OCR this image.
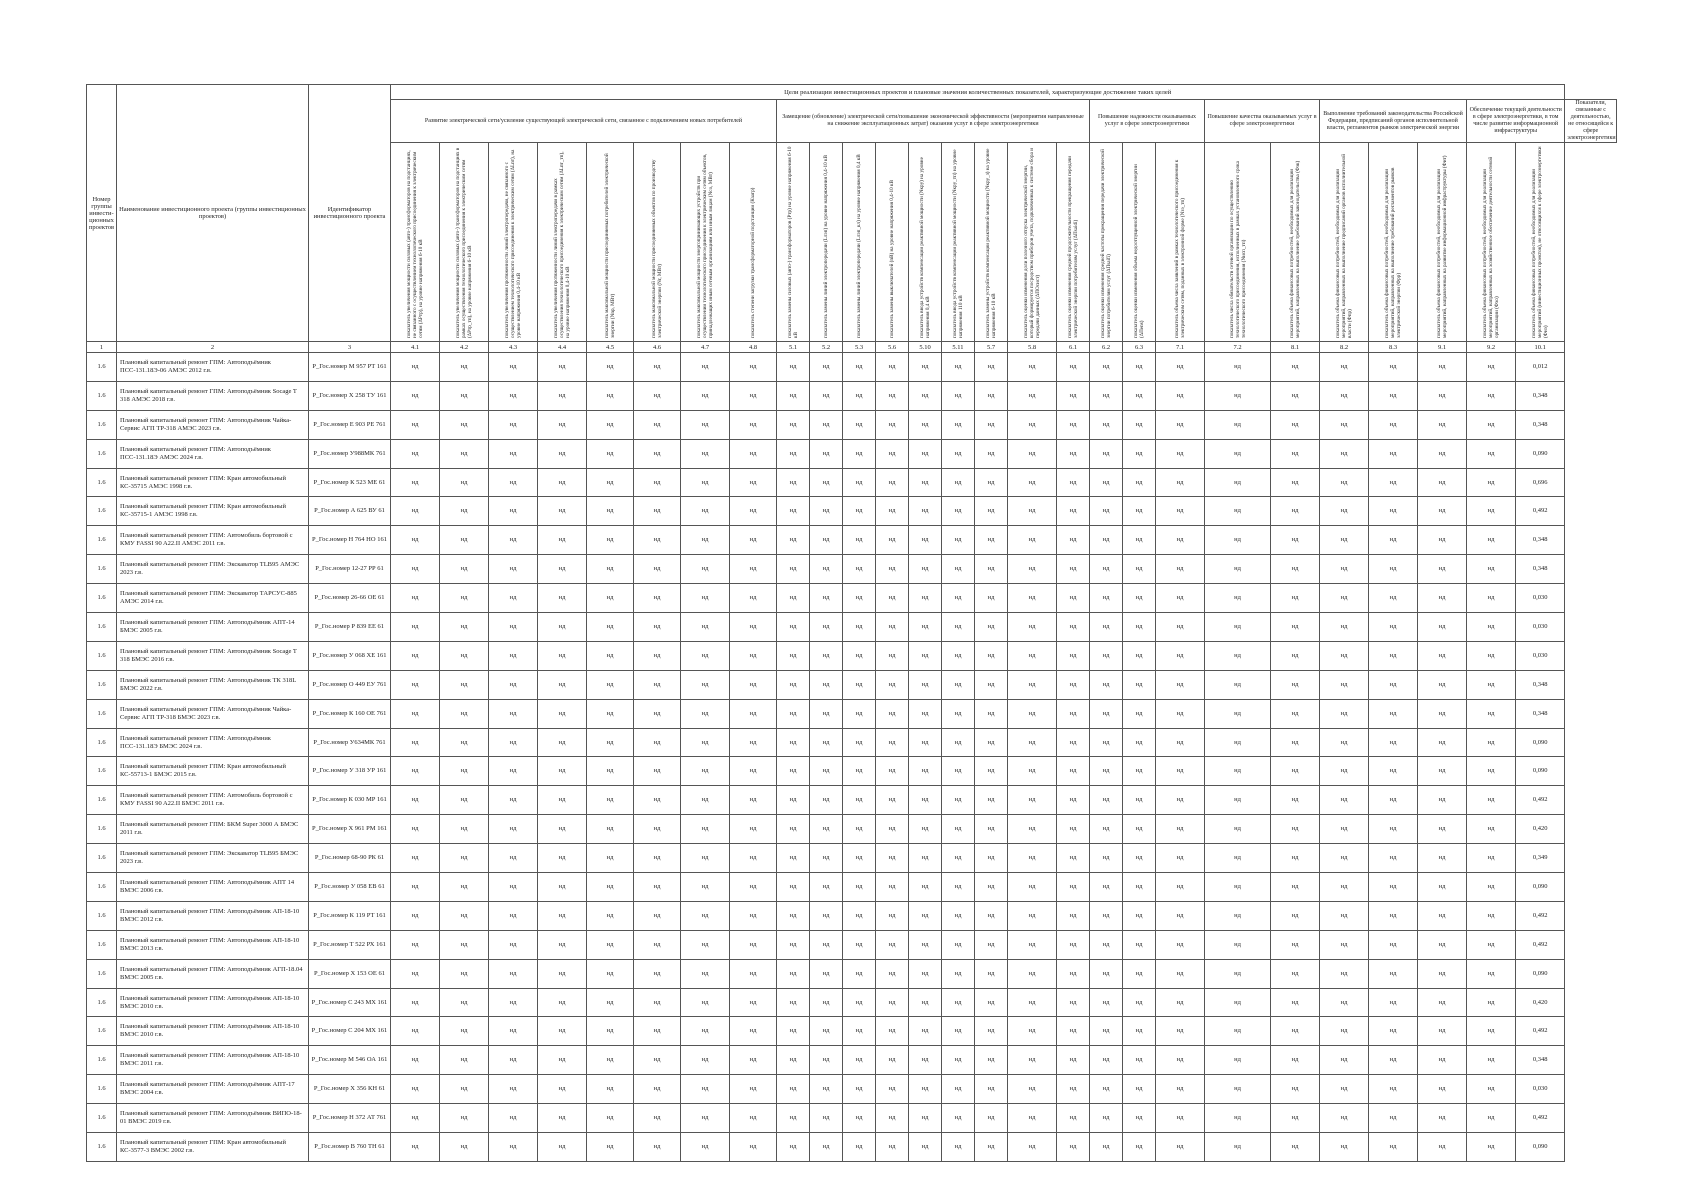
Номер группы инвести-ционных проектов	Наименование инвестиционного проекта (группы инвестиционных проектов)	Идентификатор инвестиционного проекта	Цели реализации инвестиционных проектов и плановые значения количественных показателей, характеризующие достижение таких целей																											
			Развитие электрической сети/усиление существующей электрической сети, связанное с подключением новых потребителей								Замещение (обновление) электрической сети/повышение экономической эффективности (мероприятия направленные на снижение эксплуатационных затрат) оказания услуг в сфере электроэнергетики									Повышение надежности оказываемых услуг в сфере электроэнергетики			Повышение качества оказываемых услуг в сфере электроэнергетики		Выполнение требований законодательства Российской Федерации, предписаний органов исполнительной власти, регламентов рынков электрической энергии			Обеспечение текущей деятельности в сфере электроэнергетики, в том числе развитие информационной инфраструктуры		Показатели, связанные с деятельностью, не относящейся к сфере электроэнергетики

			показатель увеличения мощности силовых (авто-) трансформаторов на подстанциях, не связанного с осуществлением технологического присоединения к электрическим сетям (ΔPтр), на уровне напряжения 6-10 кВ	показатель увеличения мощности силовых (авто-) трансформаторов на подстанциях в рамках осуществления технологического присоединения к электрическим сетям (ΔPтр_тп), на уровне напряжения 6-10 кВ	показатель увеличения протяженности линий электропередачи, не связанного с осуществлением технологического присоединения к электрическим сетям (ΔLnт), на уровне напряжения 0,4-10 кВ	показатель увеличения протяженности линий электропередачи в рамках осуществления технологического присоединения к электрическим сетям (ΔLnт_тп), на уровне напряжения 0,4-10 кВ	показатель максимальной мощности присоединяемых потребителей электрической энергии (Nnp, МВт)	показатель максимальной мощности присоединяемых объектов по производству электрической энергии (Nг, МВт)	показатель максимальной мощности энергопринимающих устройств при осуществлении технологического присоединения к электрическим сетям объектов, принадлежащих иным сетевым организациям или иным лицам (Nсo, МВт)	показатель степени загрузки трансформаторной подстанции (Кзагр)	показатель замены силовых (авто-) трансформаторов (Ртр) на уровне напряжения 6-10 кВ	показатель замены линий электропередачи (Lлэп) на уровне напряжения 0,4-10 кВ	показатель замены линий электропередачи (Lлэп_кл) на уровне напряжения 0,4 кВ	показатель замены выключателей (nВ) на уровне напряжения 0,4-10 кВ	показатель ввода устройств компенсации реактивной мощности (Nкру) на уровне напряжения 0,4 кВ	показатель ввода устройств компенсации реактивной мощности (Nкру_тп) на уровне напряжения 110 кВ	показатель замены устройств компенсации реактивной мощности (Nкру_з) на уровне напряжения 6-10 кВ	показатель оценки изменения доли полезного отпуска электрической энергии, который формируется посредством приборов учета, подключенных к системе сбора и передачи данных (ΔПОсист)	показатель оценки изменения средней продолжительности прекращения передачи электрической энергии потребителям услуг (ΔПsaidi)	показатель оценки изменения средней частоты прекращения передачи электрической энергии потребителям услуг (ΔПsaifi)	показатель оценки изменения объема недоотпущенной электрической энергии (ΔПens)	показатель объема числа заявлений в рамках технологического присоединения к электрическим сетям, поданных в электронной форме (Nзэ_тп)	показатель числа обязательств сетевой организации по осуществлению технологического присоединения, исполненных в рамках установленного срока технологического присоединения (Nисп_тп)	показатель объема финансовых потребностей, необходимых для реализации мероприятий, направленных на выполнение требований законодательства (Фзк)	показатель объема финансовых потребностей, необходимых для реализации мероприятий, направленных на выполнение предписаний органов исполнительной власти (Фпр)	показатель объема финансовых потребностей, необходимых для реализации мероприятий, направленных на выполнение требований регламентов рынков электрической энергии (Фрр)	показатель объема финансовых потребностей, необходимых для реализации мероприятий, направленных на развитие информационной инфраструктуры (Фит)	показатель объема финансовых потребностей, необходимых для реализации мероприятий, направленных на хозяйственное обеспечение деятельности сетевой организации (Фхо)	показатель объема финансовых потребностей, необходимых для реализации мероприятий (инвестиционных проектов), не относящихся к сфере электроэнергетики (Фнэ)	

1	2	3	4.1	4.2	4.3	4.4	4.5	4.6	4.7	4.8	5.1	5.2	5.3	5.6	5.10	5.11	5.7	5.8	6.1	6.2	6.3	7.1	7.2	8.1	8.2	8.3	9.1	9.2	10.1	
1.6	Плановый капитальный ремонт ГПМ: Автоподъёмник ПСС-131.18Э-06 АМЭС 2012 г.в.	P_Гос.номер М 957 РТ 161	нд	нд	нд	нд	нд	нд	нд	нд	нд	нд	нд	нд	нд	нд	нд	нд	нд	нд	нд	нд	нд	нд	нд	нд	нд	нд	0,012	
1.6	Плановый капитальный ремонт ГПМ: Автоподъёмник Socage T 318 АМЭС 2018 г.в.	P_Гос.номер Х 258 ТУ 161	нд	нд	нд	нд	нд	нд	нд	нд	нд	нд	нд	нд	нд	нд	нд	нд	нд	нд	нд	нд	нд	нд	нд	нд	нд	нд	0,348	
1.6	Плановый капитальный ремонт ГПМ: Автоподъёмник Чайка-Сервис АГП ТР-318 АМЭС 2023 г.в.	P_Гос.номер Е 903 РЕ 761	нд	нд	нд	нд	нд	нд	нд	нд	нд	нд	нд	нд	нд	нд	нд	нд	нд	нд	нд	нд	нд	нд	нд	нд	нд	нд	0,348	
1.6	Плановый капитальный ремонт ГПМ: Автоподъёмник ПСС-131.18Э АМЭС 2024 г.в.	P_Гос.номер У988МК 761	нд	нд	нд	нд	нд	нд	нд	нд	нд	нд	нд	нд	нд	нд	нд	нд	нд	нд	нд	нд	нд	нд	нд	нд	нд	нд	0,090	
1.6	Плановый капитальный ремонт ГПМ: Кран автомобильный КС-35715 АМЭС 1998 г.в.	P_Гос.номер К 523 МЕ 61	нд	нд	нд	нд	нд	нд	нд	нд	нд	нд	нд	нд	нд	нд	нд	нд	нд	нд	нд	нд	нд	нд	нд	нд	нд	нд	0,696	
1.6	Плановый капитальный ремонт ГПМ: Кран автомобильный КС-35715-1 АМЭС 1998 г.в.	P_Гос.номер А 625 ВУ 61	нд	нд	нд	нд	нд	нд	нд	нд	нд	нд	нд	нд	нд	нд	нд	нд	нд	нд	нд	нд	нд	нд	нд	нд	нд	нд	0,492	
1.6	Плановый капитальный ремонт ГПМ: Автомобиль бортовой с КМУ FASSI 90 A22.II АМЭС 2011 г.в.	P_Гос.номер Н 764 НО 161	нд	нд	нд	нд	нд	нд	нд	нд	нд	нд	нд	нд	нд	нд	нд	нд	нд	нд	нд	нд	нд	нд	нд	нд	нд	нд	0,348	
1.6	Плановый капитальный ремонт ГПМ: Экскаватор TLB95 АМЭС 2023 г.в.	P_Гос.номер 12-27 РР 61	нд	нд	нд	нд	нд	нд	нд	нд	нд	нд	нд	нд	нд	нд	нд	нд	нд	нд	нд	нд	нд	нд	нд	нд	нд	нд	0,348	
1.6	Плановый капитальный ремонт ГПМ: Экскаватор ТАРСУС-885 АМЭС 2014 г.в.	P_Гос.номер 26-66 ОЕ 61	нд	нд	нд	нд	нд	нд	нд	нд	нд	нд	нд	нд	нд	нд	нд	нд	нд	нд	нд	нд	нд	нд	нд	нд	нд	нд	0,030	
1.6	Плановый капитальный ремонт ГПМ: Автоподъёмник АПТ-14 БМЭС 2005 г.в.	P_Гос.номер Р 839 ЕЕ 61	нд	нд	нд	нд	нд	нд	нд	нд	нд	нд	нд	нд	нд	нд	нд	нд	нд	нд	нд	нд	нд	нд	нд	нд	нд	нд	0,030	
1.6	Плановый капитальный ремонт ГПМ: Автоподъёмник Socage T 318 БМЭС 2016 г.в.	P_Гос.номер У 068 ХЕ 161	нд	нд	нд	нд	нд	нд	нд	нд	нд	нд	нд	нд	нд	нд	нд	нд	нд	нд	нд	нд	нд	нд	нд	нд	нд	нд	0,030	
1.6	Плановый капитальный ремонт ГПМ: Автоподъёмник ТК 318L БМЭС 2022 г.в.	P_Гос.номер О 449 ЕУ 761	нд	нд	нд	нд	нд	нд	нд	нд	нд	нд	нд	нд	нд	нд	нд	нд	нд	нд	нд	нд	нд	нд	нд	нд	нд	нд	0,348	
1.6	Плановый капитальный ремонт ГПМ: Автоподъёмник Чайка-Сервис АГП ТР-318 БМЭС 2023 г.в.	P_Гос.номер К 160 ОЕ 761	нд	нд	нд	нд	нд	нд	нд	нд	нд	нд	нд	нд	нд	нд	нд	нд	нд	нд	нд	нд	нд	нд	нд	нд	нд	нд	0,348	
1.6	Плановый капитальный ремонт ГПМ: Автоподъёмник ПСС-131.18Э БМЭС 2024 г.в.	P_Гос.номер У634МК 761	нд	нд	нд	нд	нд	нд	нд	нд	нд	нд	нд	нд	нд	нд	нд	нд	нд	нд	нд	нд	нд	нд	нд	нд	нд	нд	0,090	
1.6	Плановый капитальный ремонт ГПМ: Кран автомобильный КС-55713-1 БМЭС 2015 г.в.	P_Гос.номер У 318 УР 161	нд	нд	нд	нд	нд	нд	нд	нд	нд	нд	нд	нд	нд	нд	нд	нд	нд	нд	нд	нд	нд	нд	нд	нд	нд	нд	0,090	
1.6	Плановый капитальный ремонт ГПМ: Автомобиль бортовой с КМУ FASSI 90 A22.II БМЭС 2011 г.в.	P_Гос.номер К 030 МР 161	нд	нд	нд	нд	нд	нд	нд	нд	нд	нд	нд	нд	нд	нд	нд	нд	нд	нд	нд	нд	нд	нд	нд	нд	нд	нд	0,492	
1.6	Плановый капитальный ремонт ГПМ: БКМ Super 3000 А БМЭС 2011 г.в.	P_Гос.номер Х 961 РМ 161	нд	нд	нд	нд	нд	нд	нд	нд	нд	нд	нд	нд	нд	нд	нд	нд	нд	нд	нд	нд	нд	нд	нд	нд	нд	нд	0,420	
1.6	Плановый капитальный ремонт ГПМ: Экскаватор TLB95 БМЭС 2023 г.в.	P_Гос.номер 68-90 РК 61	нд	нд	нд	нд	нд	нд	нд	нд	нд	нд	нд	нд	нд	нд	нд	нд	нд	нд	нд	нд	нд	нд	нд	нд	нд	нд	0,349	
1.6	Плановый капитальный ремонт ГПМ: Автоподъёмник АПТ 14 ВМЭС 2006 г.в.	P_Гос.номер У 058 ЕВ 61	нд	нд	нд	нд	нд	нд	нд	нд	нд	нд	нд	нд	нд	нд	нд	нд	нд	нд	нд	нд	нд	нд	нд	нд	нд	нд	0,090	
1.6	Плановый капитальный ремонт ГПМ: Автоподъёмник АП-18-10 ВМЭС 2012 г.в.	P_Гос.номер К 119 РТ 161	нд	нд	нд	нд	нд	нд	нд	нд	нд	нд	нд	нд	нд	нд	нд	нд	нд	нд	нд	нд	нд	нд	нд	нд	нд	нд	0,492	
1.6	Плановый капитальный ремонт ГПМ: Автоподъёмник АП-18-10 ВМЭС 2013 г.в.	P_Гос.номер Т 522 РХ 161	нд	нд	нд	нд	нд	нд	нд	нд	нд	нд	нд	нд	нд	нд	нд	нд	нд	нд	нд	нд	нд	нд	нд	нд	нд	нд	0,492	
1.6	Плановый капитальный ремонт ГПМ: Автоподъёмник АГП-18.04 ВМЭС 2005 г.в.	P_Гос.номер Х 153 ОЕ 61	нд	нд	нд	нд	нд	нд	нд	нд	нд	нд	нд	нд	нд	нд	нд	нд	нд	нд	нд	нд	нд	нд	нд	нд	нд	нд	0,090	
1.6	Плановый капитальный ремонт ГПМ: Автоподъёмник АП-18-10 ВМЭС 2010 г.в.	P_Гос.номер С 243 МХ 161	нд	нд	нд	нд	нд	нд	нд	нд	нд	нд	нд	нд	нд	нд	нд	нд	нд	нд	нд	нд	нд	нд	нд	нд	нд	нд	0,420	
1.6	Плановый капитальный ремонт ГПМ: Автоподъёмник АП-18-10 ВМЭС 2010 г.в.	P_Гос.номер С 204 МХ 161	нд	нд	нд	нд	нд	нд	нд	нд	нд	нд	нд	нд	нд	нд	нд	нд	нд	нд	нд	нд	нд	нд	нд	нд	нд	нд	0,492	
1.6	Плановый капитальный ремонт ГПМ: Автоподъёмник АП-18-10 ВМЭС 2011 г.в.	P_Гос.номер М 546 ОА 161	нд	нд	нд	нд	нд	нд	нд	нд	нд	нд	нд	нд	нд	нд	нд	нд	нд	нд	нд	нд	нд	нд	нд	нд	нд	нд	0,348	
1.6	Плановый капитальный ремонт ГПМ: Автоподъёмник АПТ-17 ВМЭС 2004 г.в.	P_Гос.номер Х 356 КН 61	нд	нд	нд	нд	нд	нд	нд	нд	нд	нд	нд	нд	нд	нд	нд	нд	нд	нд	нд	нд	нд	нд	нд	нд	нд	нд	0,030	
1.6	Плановый капитальный ремонт ГПМ: Автоподъёмник ВИПО-18-01 ВМЭС 2019 г.в.	P_Гос.номер Н 372 АТ 761	нд	нд	нд	нд	нд	нд	нд	нд	нд	нд	нд	нд	нд	нд	нд	нд	нд	нд	нд	нд	нд	нд	нд	нд	нд	нд	0,492	
1.6	Плановый капитальный ремонт ГПМ: Кран автомобильный КС-3577-3 ВМЭС 2002 г.в.	P_Гос.номер В 760 ТН 61	нд	нд	нд	нд	нд	нд	нд	нд	нд	нд	нд	нд	нд	нд	нд	нд	нд	нд	нд	нд	нд	нд	нд	нд	нд	нд	0,090	
